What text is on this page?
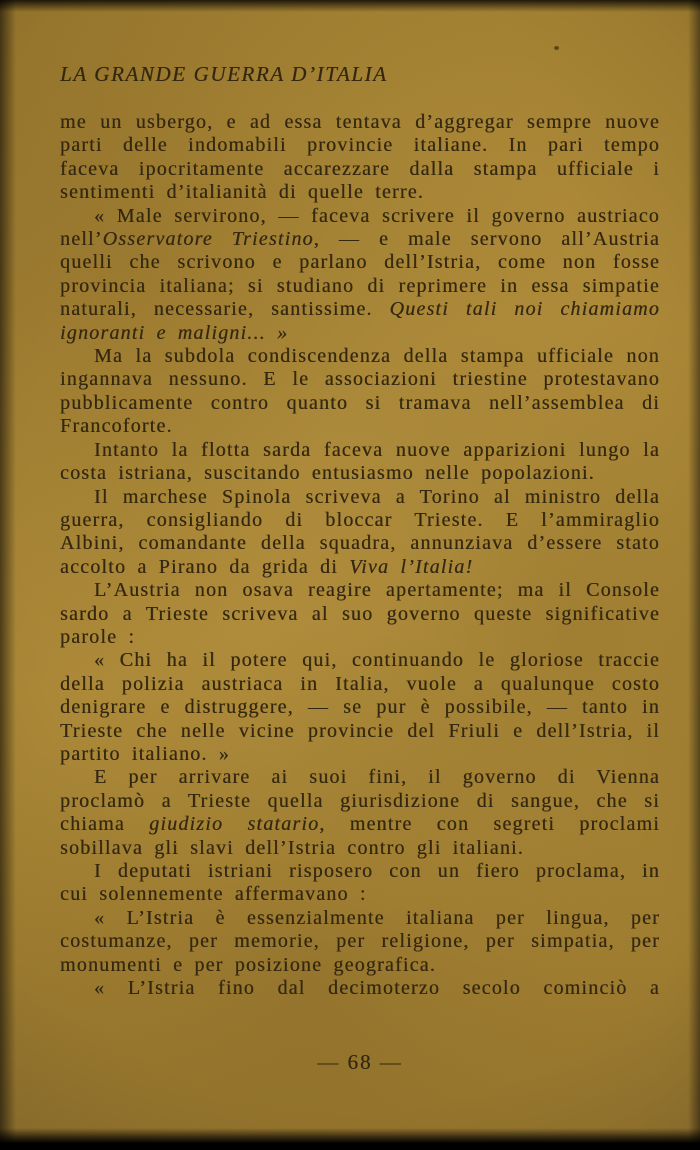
LA GRANDE GUERRA D’ITALIA

me un usbergo, e ad essa tentava d’aggregar sempre nuove parti delle indomabili provincie italiane. In pari tempo faceva ipocritamente accarezzare dalla stampa ufficiale i sentimenti d’italianità di quelle terre.

« Male servirono, — faceva scrivere il governo austriaco nell’Osservatore Triestino, — e male servono all’Austria quelli che scrivono e parlano dell’Istria, come non fosse provincia italiana; si studiano di reprimere in essa simpatie naturali, necessarie, santissime. Questi tali noi chiamiamo ignoranti e maligni... »

Ma la subdola condiscendenza della stampa ufficiale non ingannava nessuno. E le associazioni triestine protestavano pubblicamente contro quanto si tramava nell’assemblea di Francoforte.

Intanto la flotta sarda faceva nuove apparizioni lungo la costa istriana, suscitando entusiasmo nelle popolazioni.

Il marchese Spinola scriveva a Torino al ministro della guerra, consigliando di bloccar Trieste. E l’ammiraglio Albini, comandante della squadra, annunziava d’essere stato accolto a Pirano da grida di Viva l’Italia!

L’Austria non osava reagire apertamente; ma il Console sardo a Trieste scriveva al suo governo queste significative parole :

« Chi ha il potere qui, continuando le gloriose traccie della polizia austriaca in Italia, vuole a qualunque costo denigrare e distruggere, — se pur è possibile, — tanto in Trieste che nelle vicine provincie del Friuli e dell’Istria, il partito italiano. »

E per arrivare ai suoi fini, il governo di Vienna proclamò a Trieste quella giurisdizione di sangue, che si chiama giudizio statario, mentre con segreti proclami sobillava gli slavi dell’Istria contro gli italiani.

I deputati istriani risposero con un fiero proclama, in cui solennemente affermavano :

« L’Istria è essenzialmente italiana per lingua, per costumanze, per memorie, per religione, per simpatia, per monumenti e per posizione geografica.

« L’Istria fino dal decimoterzo secolo cominciò a

— 68 —
